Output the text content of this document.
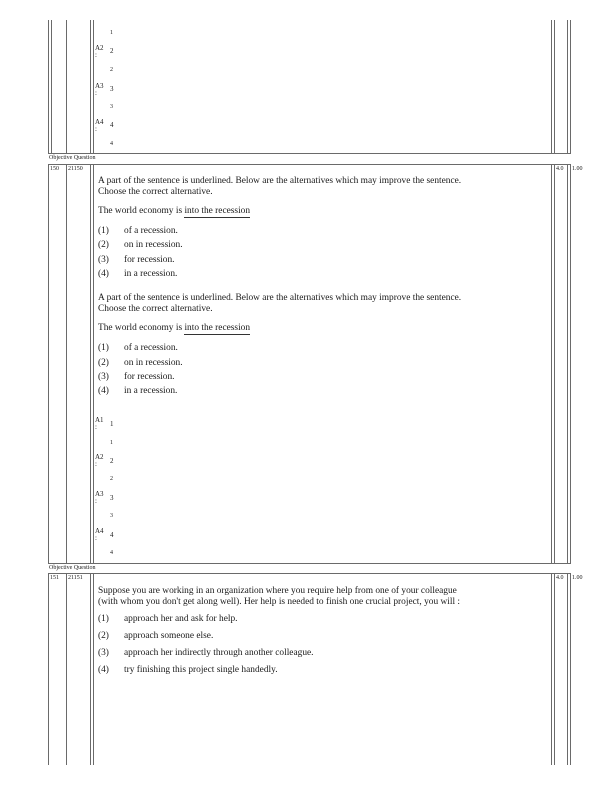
1
A2 2
:
2
A3 3
:
3
A4 4
:
4
Objective Question
150 21150	4.0 1.00
A part of the sentence is underlined. Below are the alternatives which may improve the sentence.
Choose the correct alternative.
The world economy is into the recession
(1) of a recession.
(2) on in recession.
(3) for recession.
(4) in a recession.
A part of the sentence is underlined. Below are the alternatives which may improve the sentence.
Choose the correct alternative.
The world economy is into the recession
(1) of a recession.
(2) on in recession.
(3) for recession.
(4) in a recession.
A1 1
:
1
A2 2
:
2
A3 3
:
3
A4 4
:
4
Objective Question
151 21151	4.0 1.00
Suppose you are working in an organization where you require help from one of your colleague
(with whom you don't get along well). Her help is needed to finish one crucial project, you will :
(1) approach her and ask for help.
(2) approach someone else.
(3) approach her indirectly through another colleague.
(4) try finishing this project single handedly.
